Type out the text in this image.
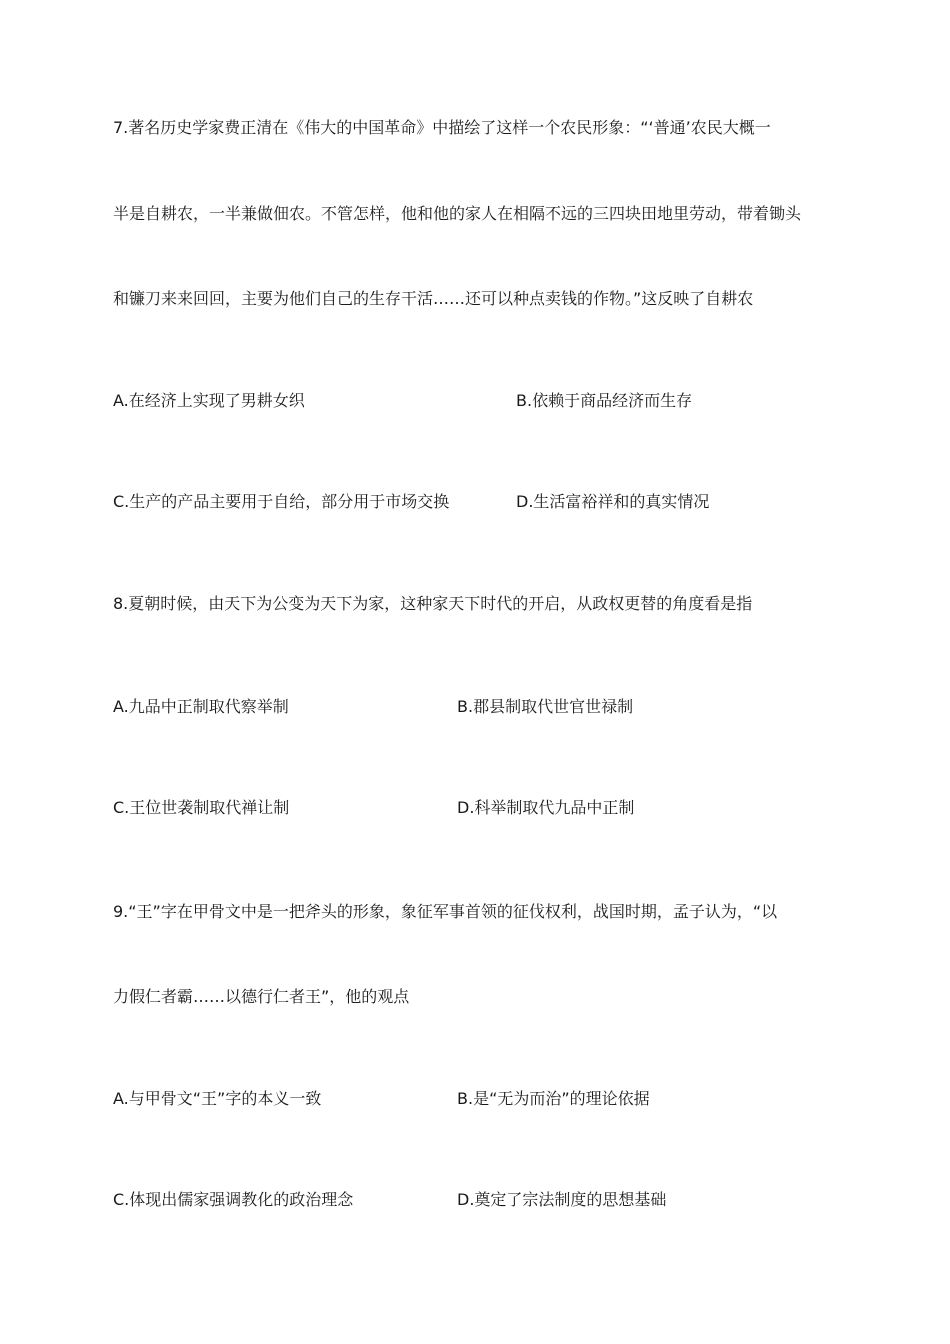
7.著名历史学家费正清在《伟大的中国革命》中描绘了这样一个农民形象：“‘普通’农民大概一
半是自耕农，一半兼做佃农。不管怎样，他和他的家人在相隔不远的三四块田地里劳动，带着锄头
和镰刀来来回回，主要为他们自己的生存干活……还可以种点卖钱的作物。”这反映了自耕农
A.在经济上实现了男耕女织	B.依赖于商品经济而生存
C.生产的产品主要用于自给，部分用于市场交换	D.生活富裕祥和的真实情况
8.夏朝时候，由天下为公变为天下为家，这种家天下时代的开启，从政权更替的角度看是指
A.九品中正制取代察举制	B.郡县制取代世官世禄制
C.王位世袭制取代禅让制	D.科举制取代九品中正制
9.“王”字在甲骨文中是一把斧头的形象，象征军事首领的征伐权利，战国时期，孟子认为，“以
力假仁者霸……以德行仁者王”，他的观点
A.与甲骨文“王”字的本义一致	B.是“无为而治”的理论依据
C.体现出儒家强调教化的政治理念	D.奠定了宗法制度的思想基础
